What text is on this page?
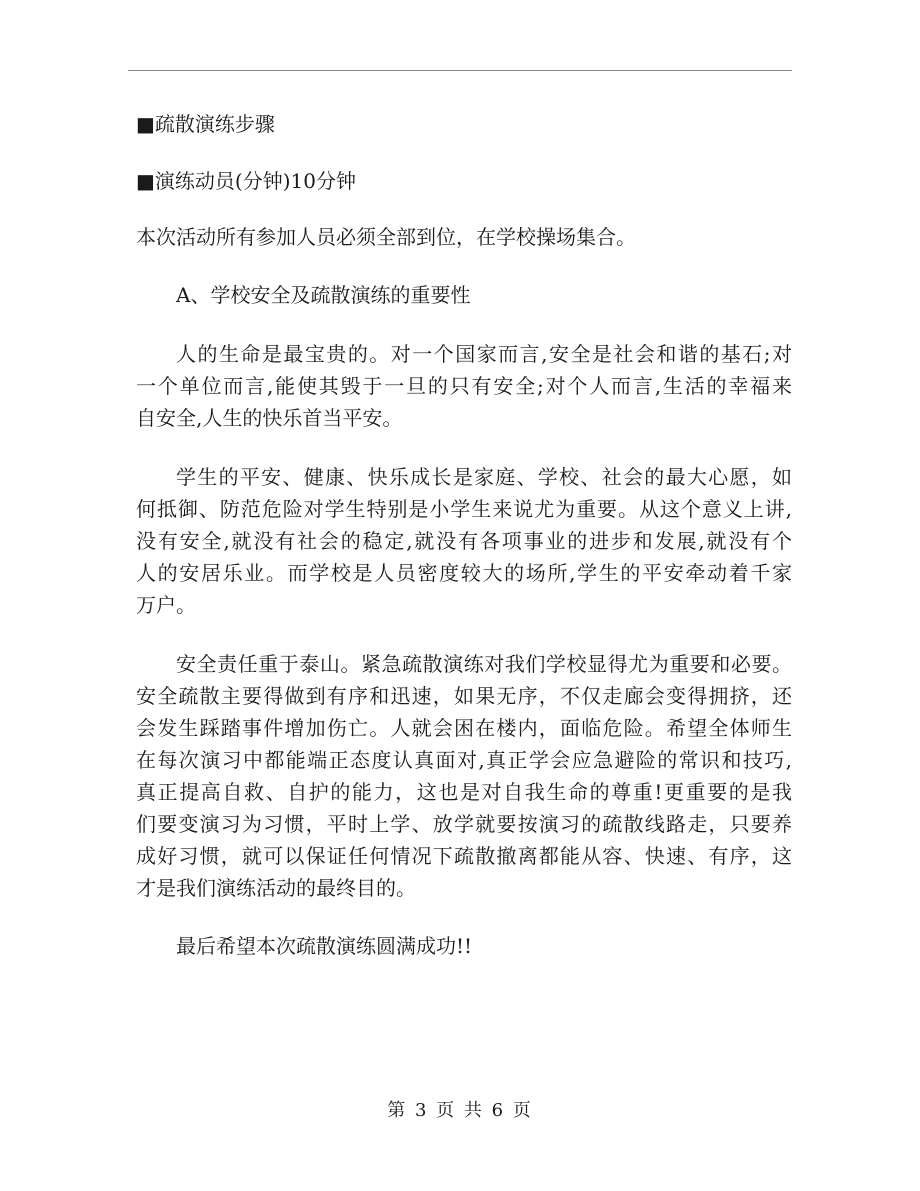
■疏散演练步骤

■演练动员(分钟)10分钟

本次活动所有参加人员必须全部到位，在学校操场集合。

A、学校安全及疏散演练的重要性

人的生命是最宝贵的。对一个国家而言,安全是社会和谐的基石;对
一个单位而言,能使其毁于一旦的只有安全;对个人而言,生活的幸福来
自安全,人生的快乐首当平安。
学生的平安、健康、快乐成长是家庭、学校、社会的最大心愿，如
何抵御、防范危险对学生特别是小学生来说尤为重要。从这个意义上讲,
没有安全,就没有社会的稳定,就没有各项事业的进步和发展,就没有个
人的安居乐业。而学校是人员密度较大的场所,学生的平安牵动着千家
万户。
安全责任重于泰山。紧急疏散演练对我们学校显得尤为重要和必要。
安全疏散主要得做到有序和迅速，如果无序，不仅走廊会变得拥挤，还
会发生踩踏事件增加伤亡。人就会困在楼内，面临危险。希望全体师生
在每次演习中都能端正态度认真面对,真正学会应急避险的常识和技巧,
真正提高自救、自护的能力，这也是对自我生命的尊重!更重要的是我
们要变演习为习惯，平时上学、放学就要按演习的疏散线路走，只要养
成好习惯，就可以保证任何情况下疏散撤离都能从容、快速、有序，这
才是我们演练活动的最终目的。

最后希望本次疏散演练圆满成功!!

第 3 页 共 6 页
